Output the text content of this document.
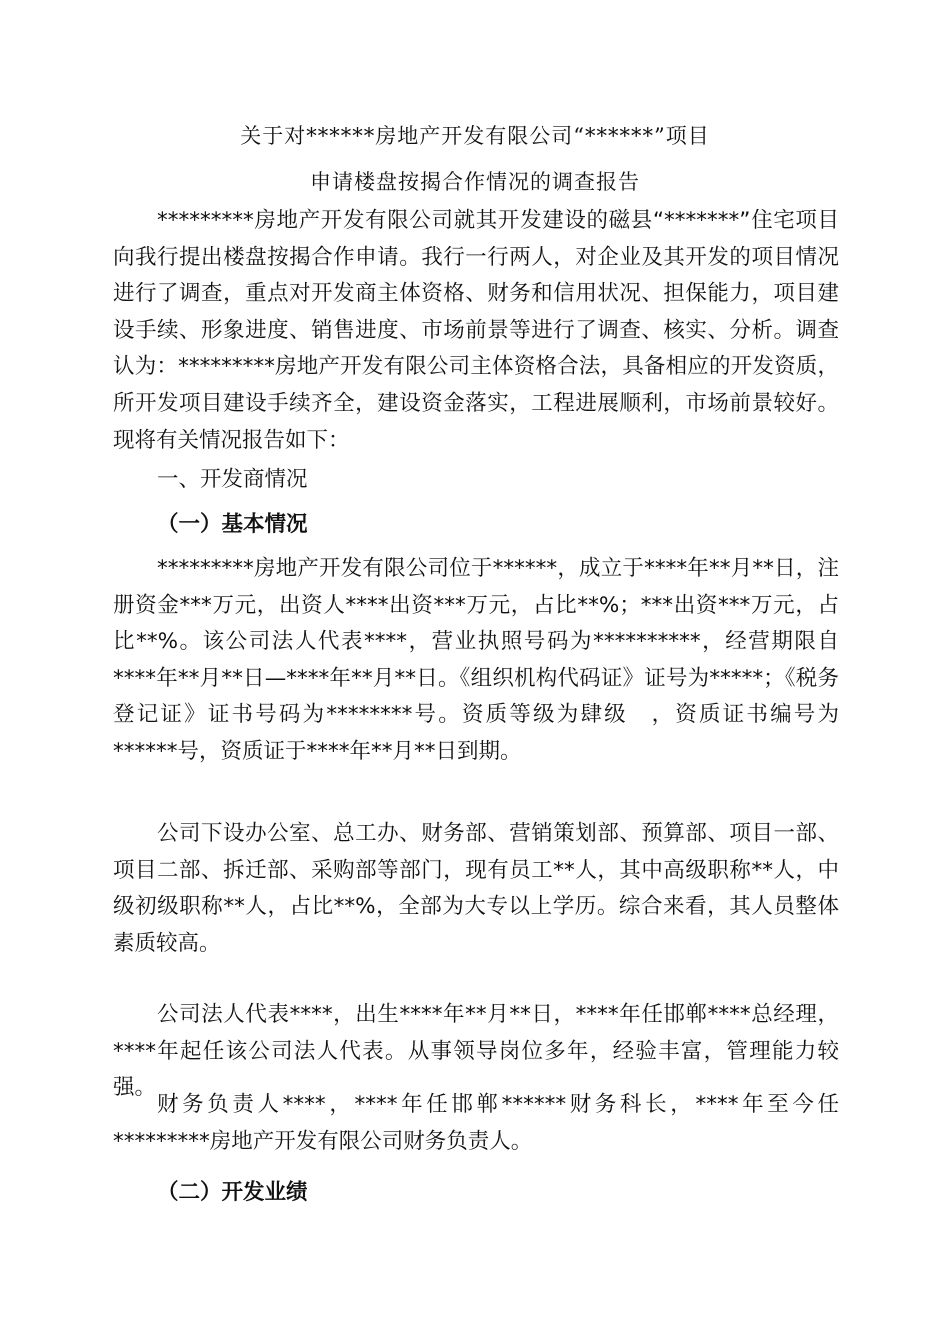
关于对******房地产开发有限公司“******”项目
申请楼盘按揭合作情况的调查报告

*********房地产开发有限公司就其开发建设的磁县“*******”住宅项目向我行提出楼盘按揭合作申请。我行一行两人，对企业及其开发的项目情况进行了调查，重点对开发商主体资格、财务和信用状况、担保能力，项目建设手续、形象进度、销售进度、市场前景等进行了调查、核实、分析。调查认为：*********房地产开发有限公司主体资格合法，具备相应的开发资质，所开发项目建设手续齐全，建设资金落实，工程进展顺利，市场前景较好。现将有关情况报告如下：

一、开发商情况
（一）基本情况

*********房地产开发有限公司位于******，成立于****年**月**日，注册资金***万元，出资人****出资***万元，占比**%；***出资***万元，占比**%。该公司法人代表****，营业执照号码为**********，经营期限自****年**月**日—****年**月**日。《组织机构代码证》证号为*****；《税务登记证》证书号码为********号。资质等级为肆级　，资质证书编号为******号，资质证于****年**月**日到期。

公司下设办公室、总工办、财务部、营销策划部、预算部、项目一部、项目二部、拆迁部、采购部等部门，现有员工**人，其中高级职称**人，中级初级职称**人，占比**%，全部为大专以上学历。综合来看，其人员整体素质较高。

公司法人代表****，出生****年**月**日，****年任邯郸****总经理，****年起任该公司法人代表。从事领导岗位多年，经验丰富，管理能力较强。

财务负责人****，****年任邯郸******财务科长，****年至今任*********房地产开发有限公司财务负责人。

（二）开发业绩
